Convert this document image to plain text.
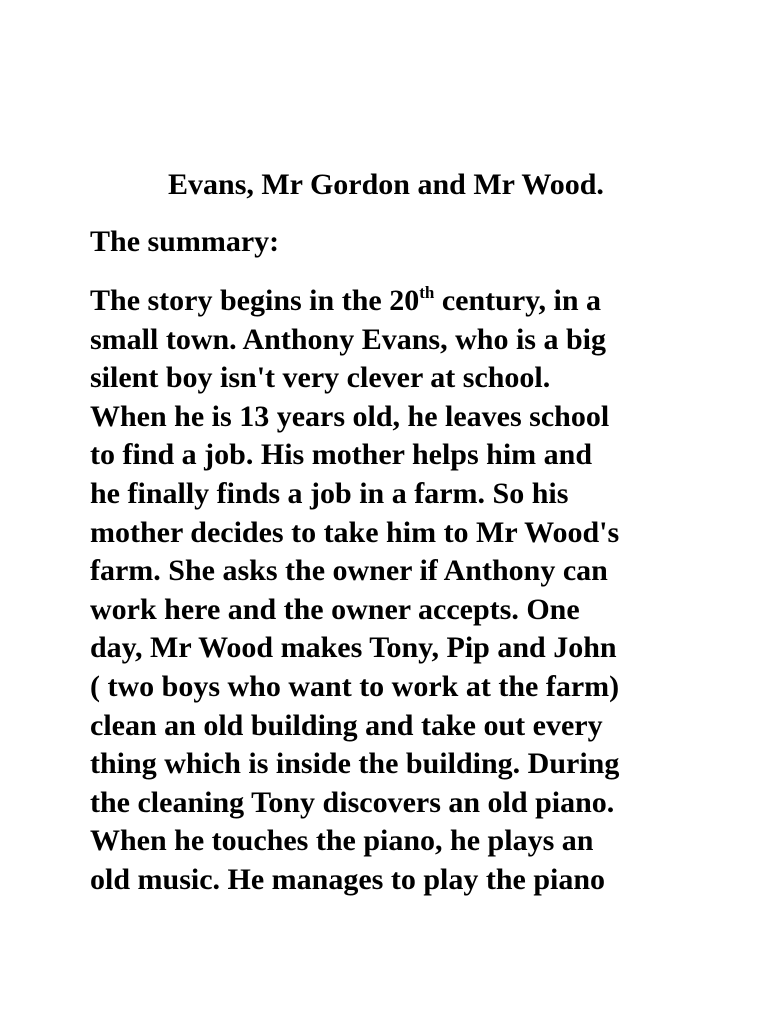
Evans, Mr Gordon and Mr Wood.
The summary:
The story begins in the 20th century, in a
small town. Anthony Evans, who is a big
silent boy isn't very clever at school.
When he is 13 years old, he leaves school
to find a job. His mother helps him and
he finally finds a job in a farm. So his
mother decides to take him to Mr Wood's
farm. She asks the owner if Anthony can
work here and the owner accepts. One
day, Mr Wood makes Tony, Pip and John
( two boys who want to work at the farm)
clean an old building and take out every
thing which is inside the building. During
the cleaning Tony discovers an old piano.
When he touches the piano, he plays an
old music. He manages to play the piano
